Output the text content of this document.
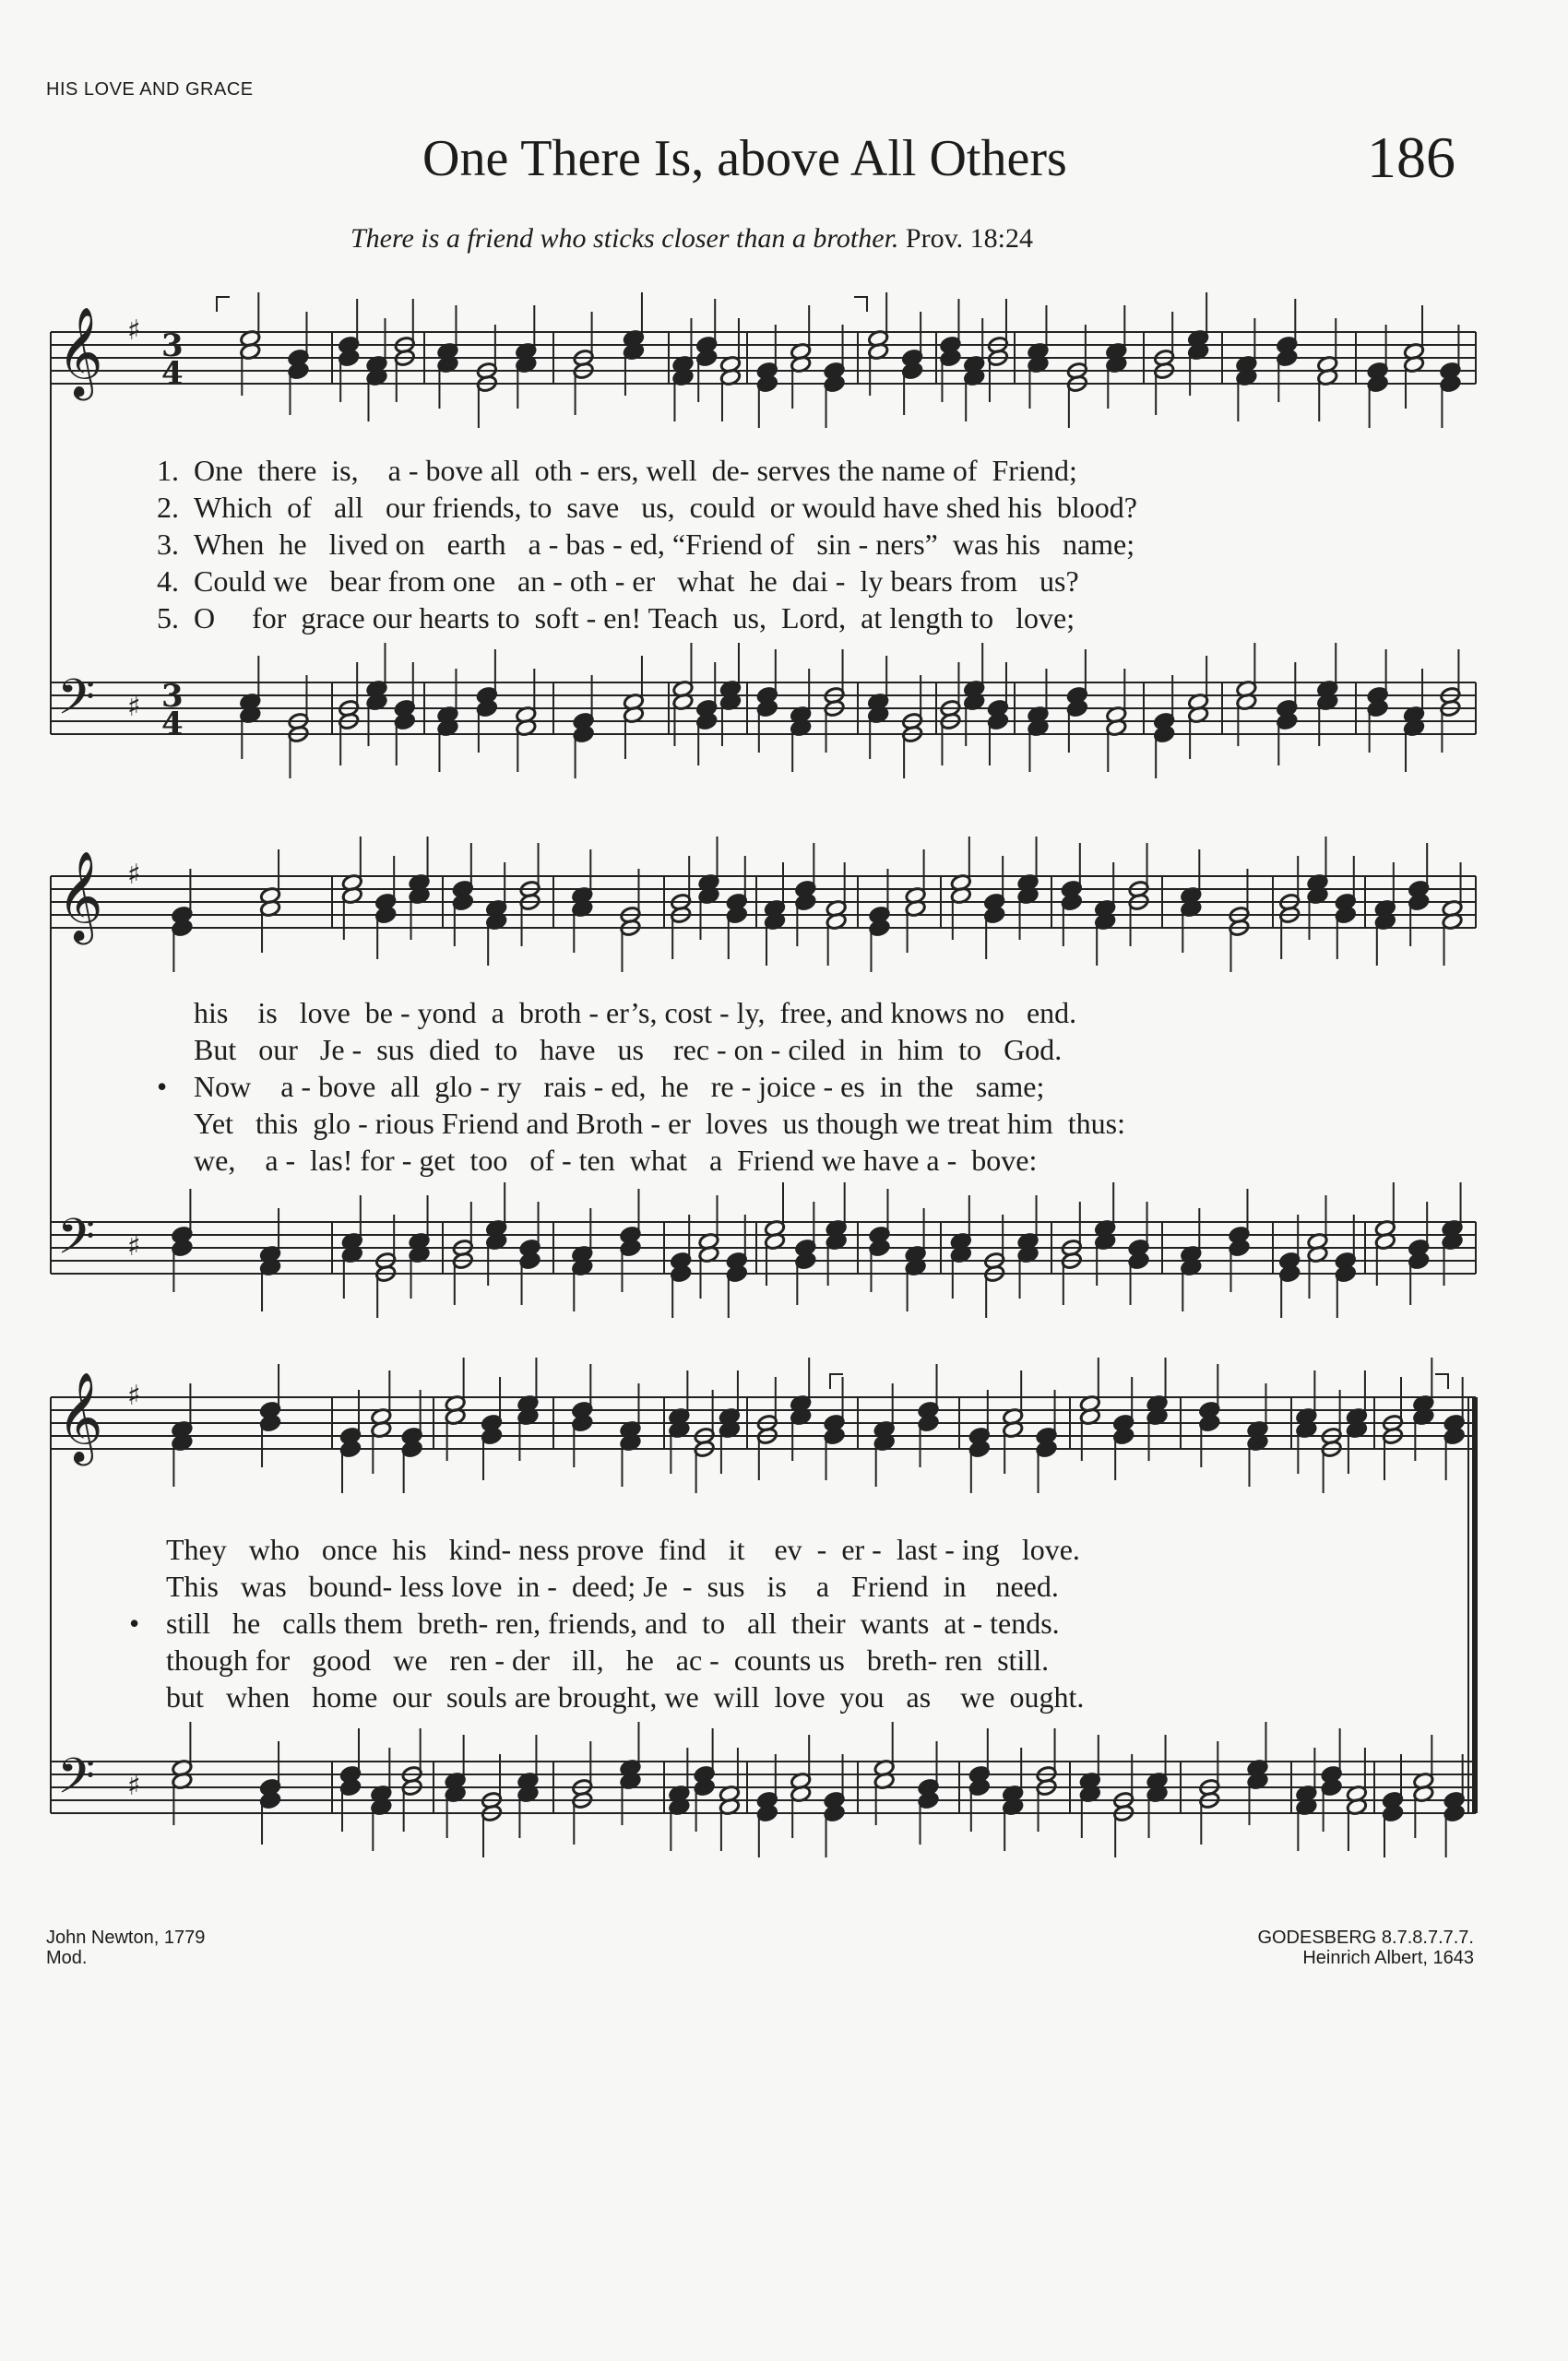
HIS LOVE AND GRACE
One There Is, above All Others	186
There is a friend who sticks closer than a brother. Prov. 18:24
𝄞
𝄢
♯
♯
3
4
3
4
𝄞
𝄢
♯
♯
𝄞
𝄢
♯
♯
1. One  there  is,    a - bove all  oth - ers, well  de- serves the name of  Friend;
2. Which  of   all   our friends, to  save   us,  could  or would have shed his  blood?
3. When  he   lived on   earth   a - bas - ed, “Friend of   sin - ners”  was his   name;
4. Could we   bear from one   an - oth - er   what  he  dai -  ly bears from   us?
5. O     for  grace our hearts to  soft - en! Teach  us,  Lord,  at length to   love;
his    is   love  be - yond  a  broth - er’s, cost - ly,  free, and knows no   end.
But   our   Je -  sus  died  to   have   us    rec - on - ciled  in  him  to   God.
• Now    a - bove  all  glo - ry   rais - ed,  he   re - joice - es  in  the   same;
Yet   this  glo - rious Friend and Broth - er  loves  us though we treat him  thus:
we,    a -  las! for - get  too   of - ten  what   a  Friend we have a -  bove:
They   who   once  his   kind- ness prove  find   it    ev  -  er -  last - ing   love.
This   was   bound- less love  in -  deed; Je  -  sus   is    a   Friend  in    need.
• still   he   calls them  breth- ren, friends, and  to   all  their  wants  at - tends.
though for   good   we   ren - der   ill,   he   ac -  counts us   breth- ren  still.
but   when   home  our  souls are brought, we  will  love  you   as    we  ought.
John Newton, 1779
Mod.
GODESBERG 8.7.8.7.7.7.
Heinrich Albert, 1643
